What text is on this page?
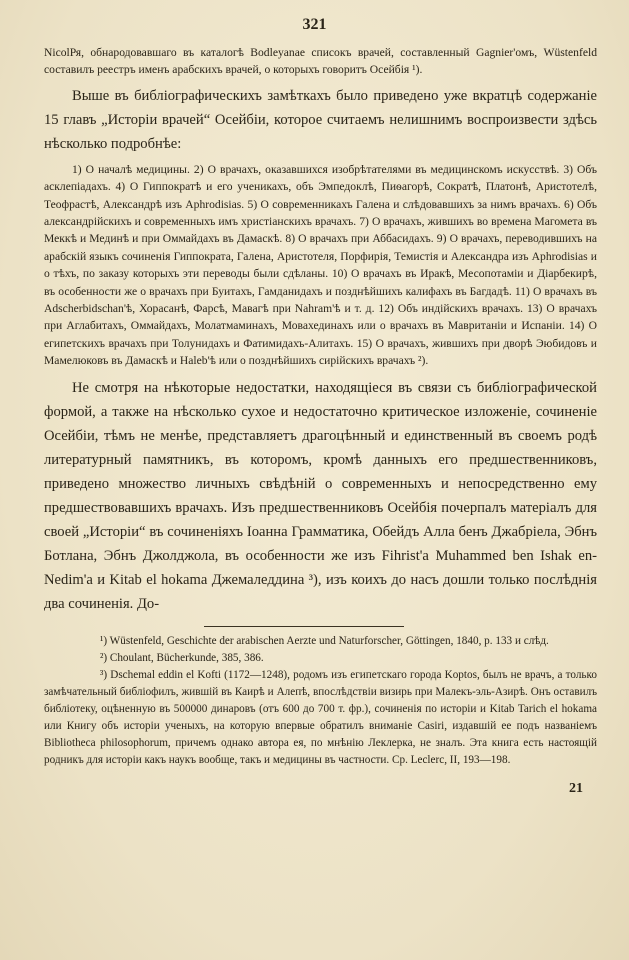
321

NicolРя, обнародовавшаго въ каталогѣ Bodleyanae списокъ врачей, составленный Gagnier'омъ, Wüstenfeld составилъ реестръ именъ арабскихъ врачей, о которыхъ говоритъ Осейбія ¹).

Выше въ библіографическихъ замѣткахъ было приведено уже вкратцѣ содержаніе 15 главъ „Исторіи врачей“ Осейбіи, которое считаемъ нелишнимъ воспроизвести здѣсь нѣсколько подробнѣе:

1) О началѣ медицины. 2) О врачахъ, оказавшихся изобрѣтателями въ медицинскомъ искусствѣ. 3) Объ асклепіадахъ. 4) О Гиппократѣ и его ученикахъ, объ Эмпедоклѣ, Пиѳагорѣ, Сократѣ, Платонѣ, Аристотелѣ, Теофрастѣ, Александрѣ изъ Aphrodisias. 5) О современникахъ Галена и слѣдовавшихъ за нимъ врачахъ. 6) Объ александрійскихъ и современныхъ имъ христіанскихъ врачахъ. 7) О врачахъ, жившихъ во времена Магомета въ Меккѣ и Мединѣ и при Оммайдахъ въ Дамаскѣ. 8) О врачахъ при Аббасидахъ. 9) О врачахъ, переводившихъ на арабскій языкъ сочиненія Гиппократа, Галена, Аристотеля, Порфирія, Темистія и Александра изъ Aphrodisias и о тѣхъ, по заказу которыхъ эти переводы были сдѣланы. 10) О врачахъ въ Иракѣ, Месопотаміи и Діарбекирѣ, въ особенности же о врачахъ при Буитахъ, Гамданидахъ и позднѣйшихъ калифахъ въ Багдадѣ. 11) О врачахъ въ Adscherbidschan'ѣ, Хорасанѣ, Фарсѣ, Мавагѣ при Nahram'ѣ и т. д. 12) Объ индійскихъ врачахъ. 13) О врачахъ при Аглабитахъ, Оммайдахъ, Молатмаминахъ, Мовахединахъ или о врачахъ въ Мавританіи и Испаніи. 14) О египетскихъ врачахъ при Толунидахъ и Фатимидахъ-Алитахъ. 15) О врачахъ, жившихъ при дворѣ Эюбидовъ и Мамелюковъ въ Дамаскѣ и Haleb'ѣ или о позднѣйшихъ сирійскихъ врачахъ ²).

Не смотря на нѣкоторые недостатки, находящіеся въ связи съ библіографической формой, а также на нѣсколько сухое и недостаточно критическое изложеніе, сочиненіе Осейбіи, тѣмъ не менѣе, представляетъ драгоцѣнный и единственный въ своемъ родѣ литературный памятникъ, въ которомъ, кромѣ данныхъ его предшественниковъ, приведено множество личныхъ свѣдѣній о современныхъ и непосредственно ему предшествовавшихъ врачахъ. Изъ предшественниковъ Осейбія почерпалъ матеріалъ для своей „Исторіи“ въ сочиненіяхъ Іоанна Грамматика, Обейдъ Алла бенъ Джабріела, Эбнъ Ботлана, Эбнъ Джолджола, въ особенности же изъ Fihrist'a Muhammed ben Ishak en-Nedim'a и Kitab el hokama Джемаледдина ³), изъ коихъ до насъ дошли только послѣднія два сочиненія. До-

¹) Wüstenfeld, Geschichte der arabischen Aerzte und Naturforscher, Göttingen, 1840, p. 133 и слѣд.

²) Choulant, Bücherkunde, 385, 386.

³) Dschemal eddin el Kofti (1172—1248), родомъ изъ египетскаго города Koptos, былъ не врачъ, а только замѣчательный библіофилъ, жившій въ Каирѣ и Алепѣ, впослѣдствіи визирь при Малекъ-эль-Азирѣ. Онъ оставилъ библіотеку, оцѣненную въ 500000 динаровъ (отъ 600 до 700 т. фр.), сочиненія по исторіи и Kitab Tarich el hokama или Книгу объ исторіи ученыхъ, на которую впервые обратилъ вниманіе Casiri, издавшій ее подъ названіемъ Bibliotheca philosophorum, причемъ однако автора ея, по мнѣнію Леклерка, не зналъ. Эта книга есть настоящій родникъ для исторіи какъ наукъ вообще, такъ и медицины въ частности. Ср. Leclerc, II, 193—198.

21
